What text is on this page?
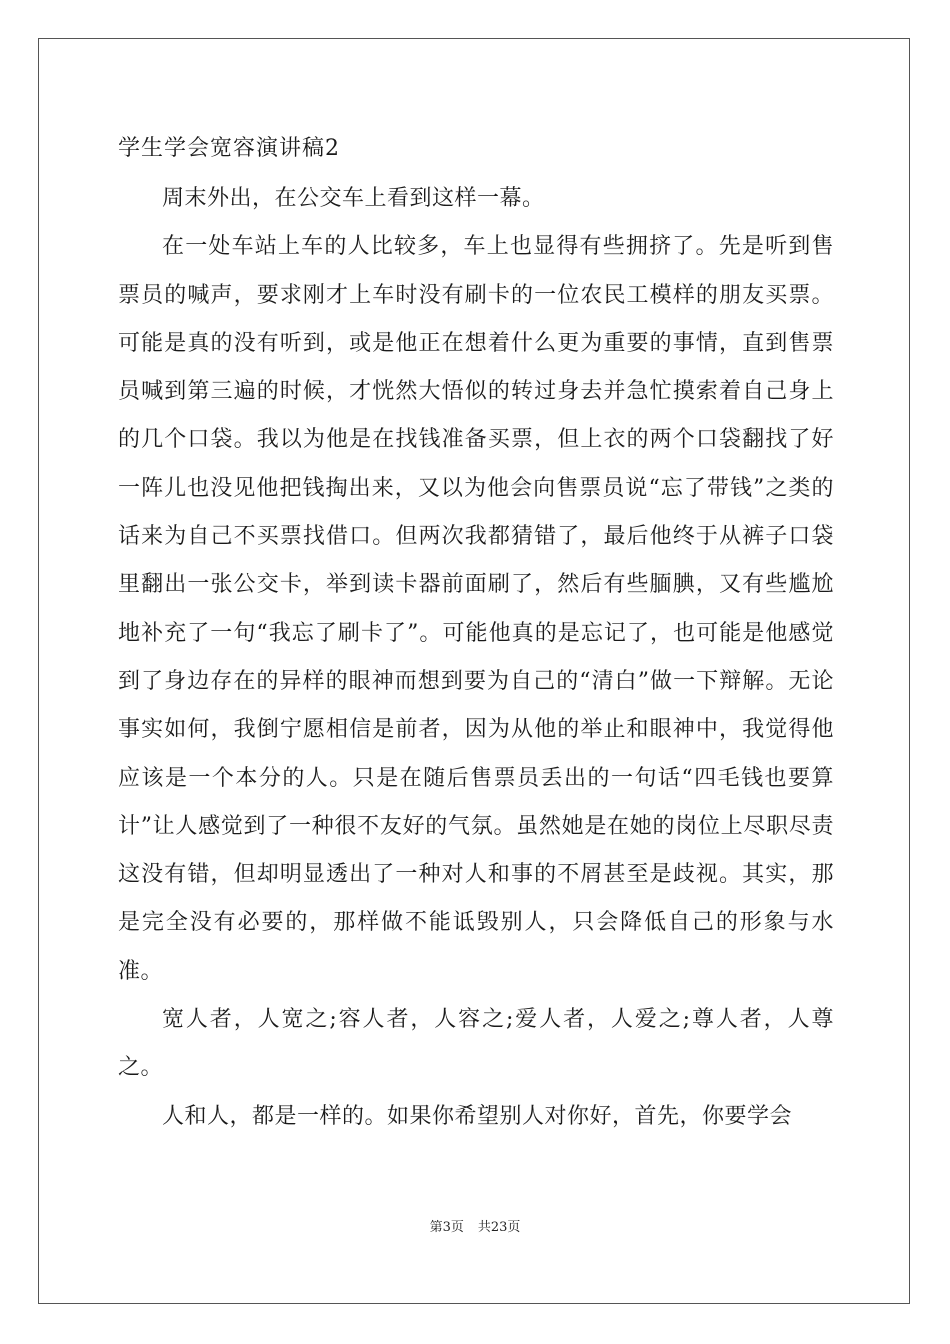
学生学会宽容演讲稿2

周末外出，在公交车上看到这样一幕。

在一处车站上车的人比较多，车上也显得有些拥挤了。先是听到售票员的喊声，要求刚才上车时没有刷卡的一位农民工模样的朋友买票。可能是真的没有听到，或是他正在想着什么更为重要的事情，直到售票员喊到第三遍的时候，才恍然大悟似的转过身去并急忙摸索着自己身上的几个口袋。我以为他是在找钱准备买票，但上衣的两个口袋翻找了好一阵儿也没见他把钱掏出来，又以为他会向售票员说“忘了带钱”之类的话来为自己不买票找借口。但两次我都猜错了，最后他终于从裤子口袋里翻出一张公交卡，举到读卡器前面刷了，然后有些腼腆，又有些尴尬地补充了一句“我忘了刷卡了”。可能他真的是忘记了，也可能是他感觉到了身边存在的异样的眼神而想到要为自己的“清白”做一下辩解。无论事实如何，我倒宁愿相信是前者，因为从他的举止和眼神中，我觉得他应该是一个本分的人。只是在随后售票员丢出的一句话“四毛钱也要算计”让人感觉到了一种很不友好的气氛。虽然她是在她的岗位上尽职尽责这没有错，但却明显透出了一种对人和事的不屑甚至是歧视。其实，那是完全没有必要的，那样做不能诋毁别人，只会降低自己的形象与水准。

宽人者，人宽之;容人者，人容之;爱人者，人爱之;尊人者，人尊之。

人和人，都是一样的。如果你希望别人对你好，首先，你要学会

第3页 共23页
